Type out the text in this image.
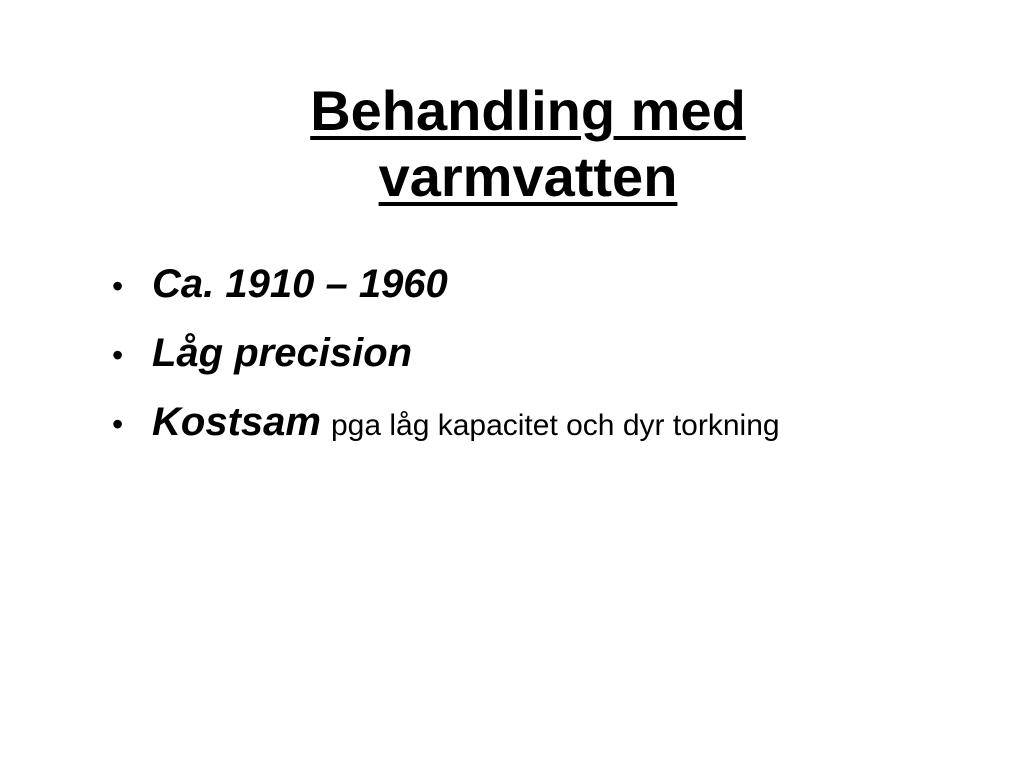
Behandling med
varmvatten
• Ca. 1910 – 1960
• Låg precision
• Kostsam pga låg kapacitet och dyr torkning
